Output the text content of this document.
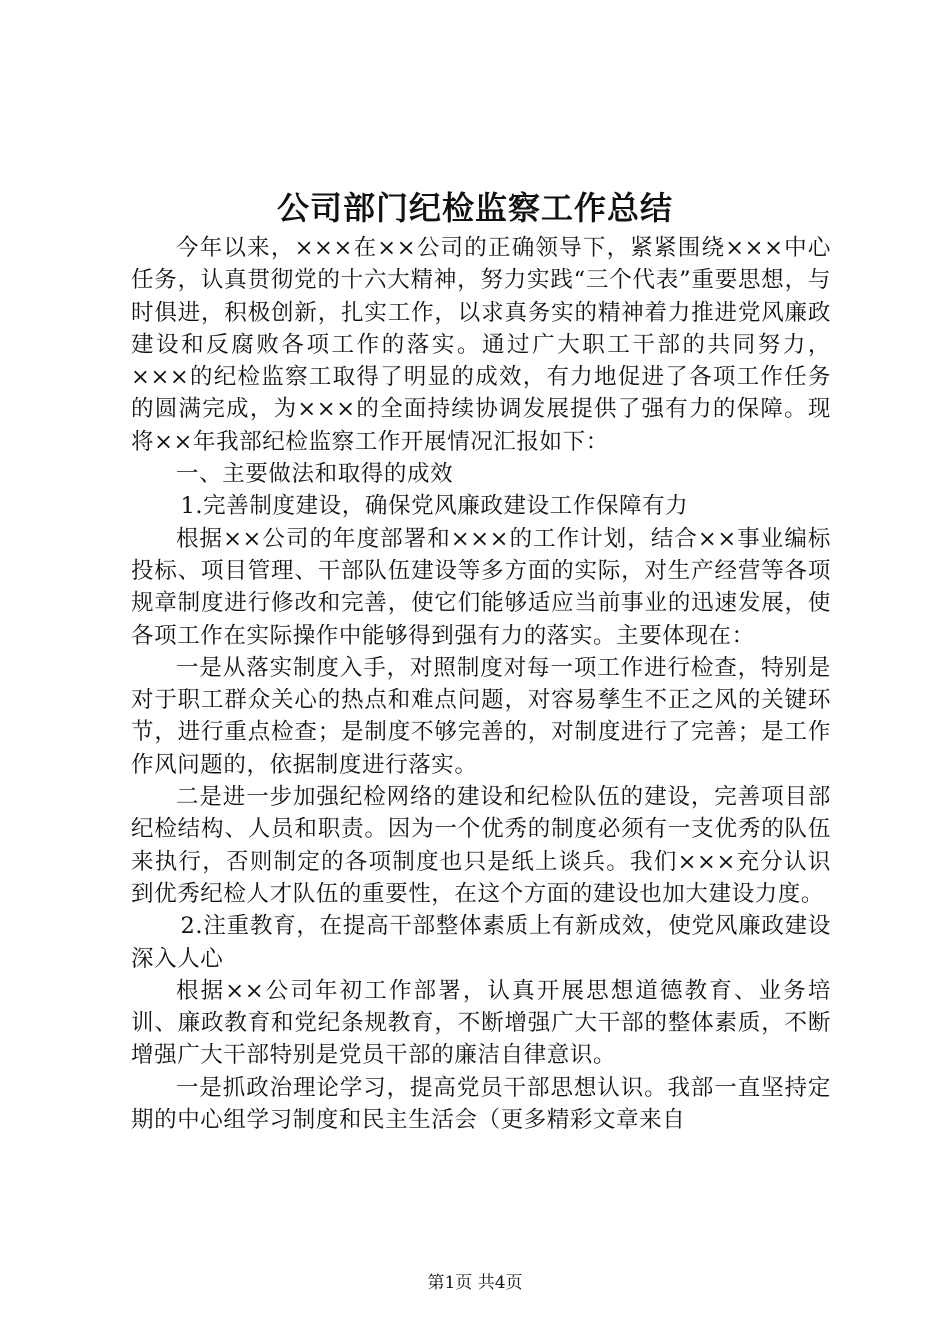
公司部门纪检监察工作总结

今年以来，×××在××公司的正确领导下，紧紧围绕×××中心任务，认真贯彻党的十六大精神，努力实践“三个代表”重要思想，与时俱进，积极创新，扎实工作，以求真务实的精神着力推进党风廉政建设和反腐败各项工作的落实。通过广大职工干部的共同努力，×××的纪检监察工取得了明显的成效，有力地促进了各项工作任务的圆满完成，为×××的全面持续协调发展提供了强有力的保障。现将××年我部纪检监察工作开展情况汇报如下：

一、主要做法和取得的成效

1.完善制度建设，确保党风廉政建设工作保障有力

根据××公司的年度部署和×××的工作计划，结合××事业编标投标、项目管理、干部队伍建设等多方面的实际，对生产经营等各项规章制度进行修改和完善，使它们能够适应当前事业的迅速发展，使各项工作在实际操作中能够得到强有力的落实。主要体现在：

一是从落实制度入手，对照制度对每一项工作进行检查，特别是对于职工群众关心的热点和难点问题，对容易孳生不正之风的关键环节，进行重点检查；是制度不够完善的，对制度进行了完善；是工作作风问题的，依据制度进行落实。

二是进一步加强纪检网络的建设和纪检队伍的建设，完善项目部纪检结构、人员和职责。因为一个优秀的制度必须有一支优秀的队伍来执行，否则制定的各项制度也只是纸上谈兵。我们×××充分认识到优秀纪检人才队伍的重要性，在这个方面的建设也加大建设力度。

2.注重教育，在提高干部整体素质上有新成效，使党风廉政建设深入人心

根据××公司年初工作部署，认真开展思想道德教育、业务培训、廉政教育和党纪条规教育，不断增强广大干部的整体素质，不断增强广大干部特别是党员干部的廉洁自律意识。

一是抓政治理论学习，提高党员干部思想认识。我部一直坚持定期的中心组学习制度和民主生活会（更多精彩文章来自

第1页 共4页
